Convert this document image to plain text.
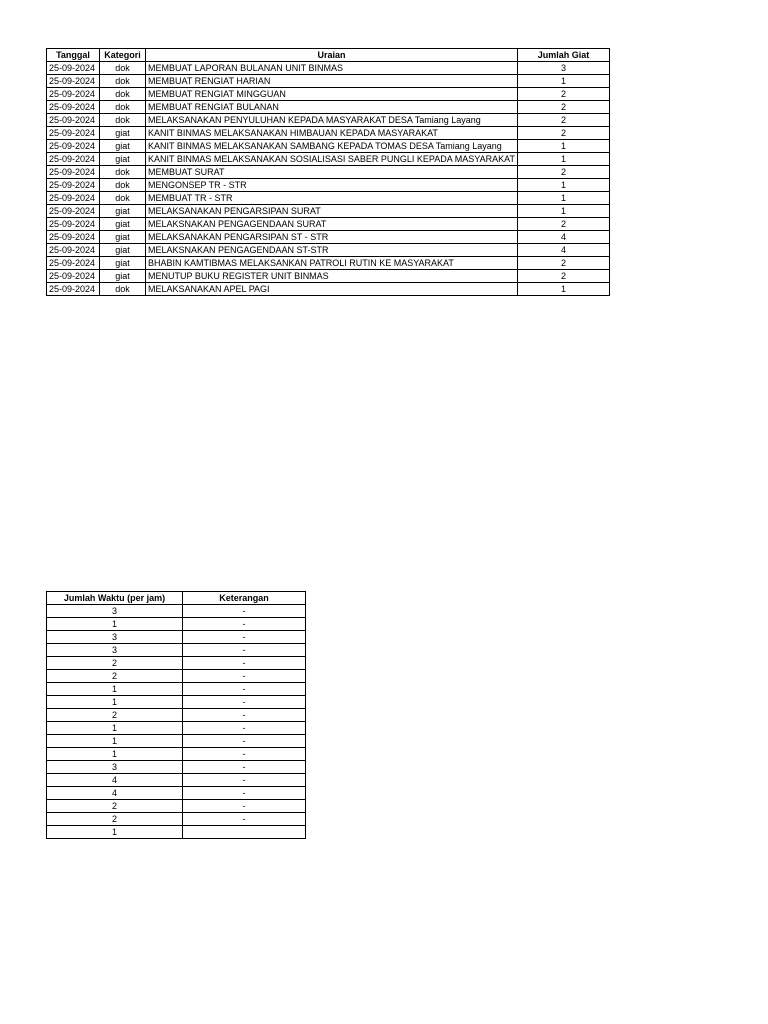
Tanggal	Kategori	Uraian	Jumlah Giat
25-09-2024	dok	MEMBUAT LAPORAN BULANAN UNIT BINMAS	3
25-09-2024	dok	MEMBUAT RENGIAT HARIAN	1
25-09-2024	dok	MEMBUAT RENGIAT MINGGUAN	2
25-09-2024	dok	MEMBUAT RENGIAT BULANAN	2
25-09-2024	dok	MELAKSANAKAN PENYULUHAN KEPADA MASYARAKAT DESA Tamiang Layang	2
25-09-2024	giat	KANIT BINMAS MELAKSANAKAN HIMBAUAN KEPADA MASYARAKAT	2
25-09-2024	giat	KANIT BINMAS MELAKSANAKAN SAMBANG KEPADA TOMAS DESA Tamiang Layang	1
25-09-2024	giat	KANIT BINMAS MELAKSANAKAN SOSIALISASI SABER PUNGLI KEPADA MASYARAKAT	1
25-09-2024	dok	MEMBUAT SURAT	2
25-09-2024	dok	MENGONSEP TR - STR	1
25-09-2024	dok	MEMBUAT TR - STR	1
25-09-2024	giat	MELAKSANAKAN PENGARSIPAN SURAT	1
25-09-2024	giat	MELAKSNAKAN PENGAGENDAAN SURAT	2
25-09-2024	giat	MELAKSANAKAN PENGARSIPAN ST - STR	4
25-09-2024	giat	MELAKSNAKAN PENGAGENDAAN ST-STR	4
25-09-2024	giat	BHABIN KAMTIBMAS MELAKSANKAN PATROLI RUTIN KE MASYARAKAT	2
25-09-2024	giat	MENUTUP BUKU REGISTER UNIT BINMAS	2
25-09-2024	dok	MELAKSANAKAN APEL PAGI	1
Jumlah Waktu (per jam)	Keterangan
3	-
1	-
3	-
3	-
2	-
2	-
1	-
1	-
2	-
1	-
1	-
1	-
3	-
4	-
4	-
2	-
2	-
1	
